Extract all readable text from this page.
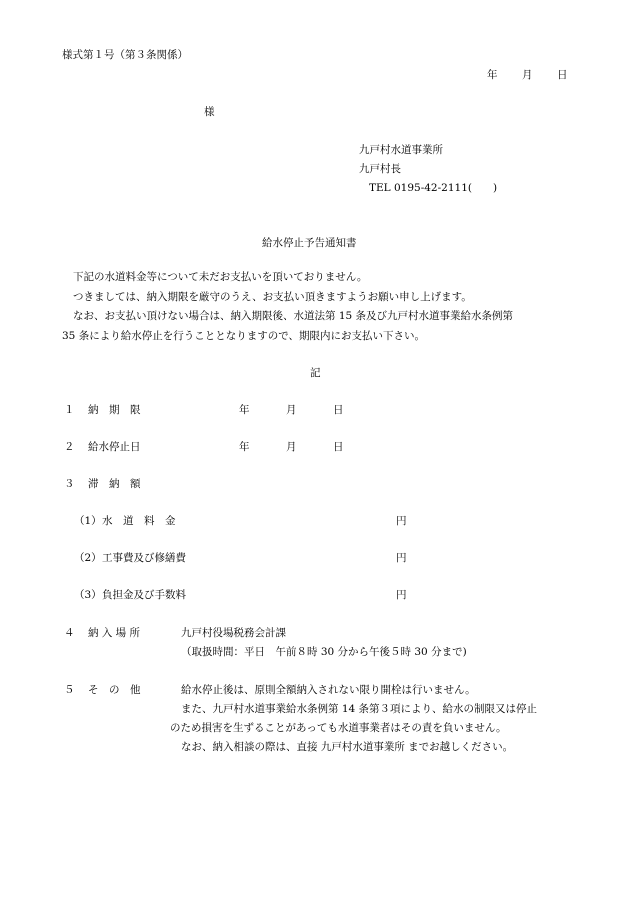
様式第１号（第３条関係）
年 月 日
様
九戸村水道事業所
九戸村長
TEL 0195-42-2111(　　)
給水停止予告通知書
下記の水道料金等について未だお支払いを頂いておりません。
つきましては、納入期限を厳守のうえ、お支払い頂きますようお願い申し上げます。
なお、お支払い頂けない場合は、納入期限後、水道法第 15 条及び九戸村水道事業給水条例第
35 条により給水停止を行うこととなりますので、期限内にお支払い下さい。
記
１ 納　期　限	年	月	日
２ 給水停止日	年	月	日
３ 滞　納　額
（1） 水　道　料　金	円
（2） 工事費及び修繕費	円
（3） 負担金及び手数料	円
４ 納 入 場 所	九戸村役場税務会計課
（取扱時間：平日　午前８時 30 分から午後５時 30 分まで)
５ そ　の　他	給水停止後は、原則全額納入されない限り開栓は行いません。
また、九戸村水道事業給水条例第 14 条第３項により、給水の制限又は停止
のため損害を生ずることがあっても水道事業者はその責を負いません。
なお、納入相談の際は、直接 九戸村水道事業所 までお越しください。
